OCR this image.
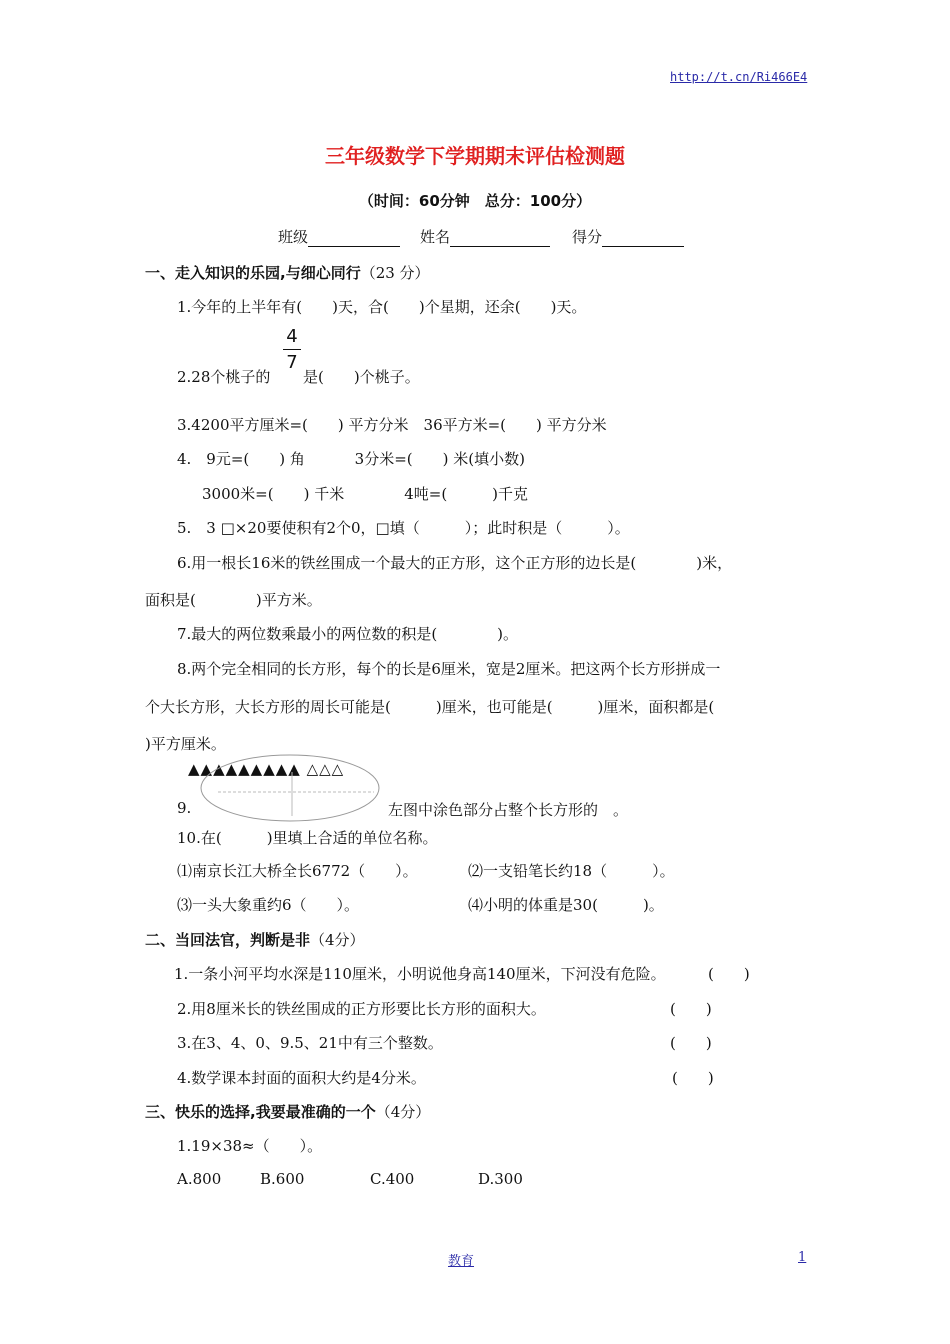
http://t.cn/Ri466E4
三年级数学下学期期末评估检测题
（时间：60分钟　总分：100分）
班级	姓名	得分
一、走入知识的乐园,与细心同行（23 分）
1.今年的上半年有(　　)天，合(　　)个星期，还余(　　)天。
4
7
2.28个桃子的 是(　　)个桃子。
3.4200平方厘米=(　　) 平方分米　36平方米=(　　) 平方分米
4.　9元=(　　) 角　　　 3分米=(　　) 米(填小数)
3000米=(　　) 千米　　　　4吨=(　　　)千克
5.　3 □×20要使积有2个0，□填（　　　）；此时积是（　　　）。
6.用一根长16米的铁丝围成一个最大的正方形，这个正方形的边长是(　　　　)米，
面积是(　　　　)平方米。
7.最大的两位数乘最小的两位数的积是(　　　　)。
8.两个完全相同的长方形，每个的长是6厘米，宽是2厘米。把这两个长方形拼成一
个大长方形，大长方形的周长可能是(　　　)厘米，也可能是(　　　)厘米，面积都是(
)平方厘米。
▲▲▲▲▲▲▲▲▲ △△△
9.	左图中涂色部分占整个长方形的　。
10.在(　　　)里填上合适的单位名称。
⑴南京长江大桥全长6772（　　）。	⑵一支铅笔长约18（　　　）。
⑶一头大象重约6（　　）。	⑷小明的体重是30(　　　)。
二、当回法官，判断是非（4分）
1.一条小河平均水深是110厘米，小明说他身高140厘米，下河没有危险。	(　　)
2.用8厘米长的铁丝围成的正方形要比长方形的面积大。	(　　)
3.在3、4、0、9.5、21中有三个整数。	(　　)
4.数学课本封面的面积大约是4分米。	(　　)
三、快乐的选择,我要最准确的一个（4分）
1.19×38≈（　　）。
A.800	B.600	C.400	D.300
教育	1
